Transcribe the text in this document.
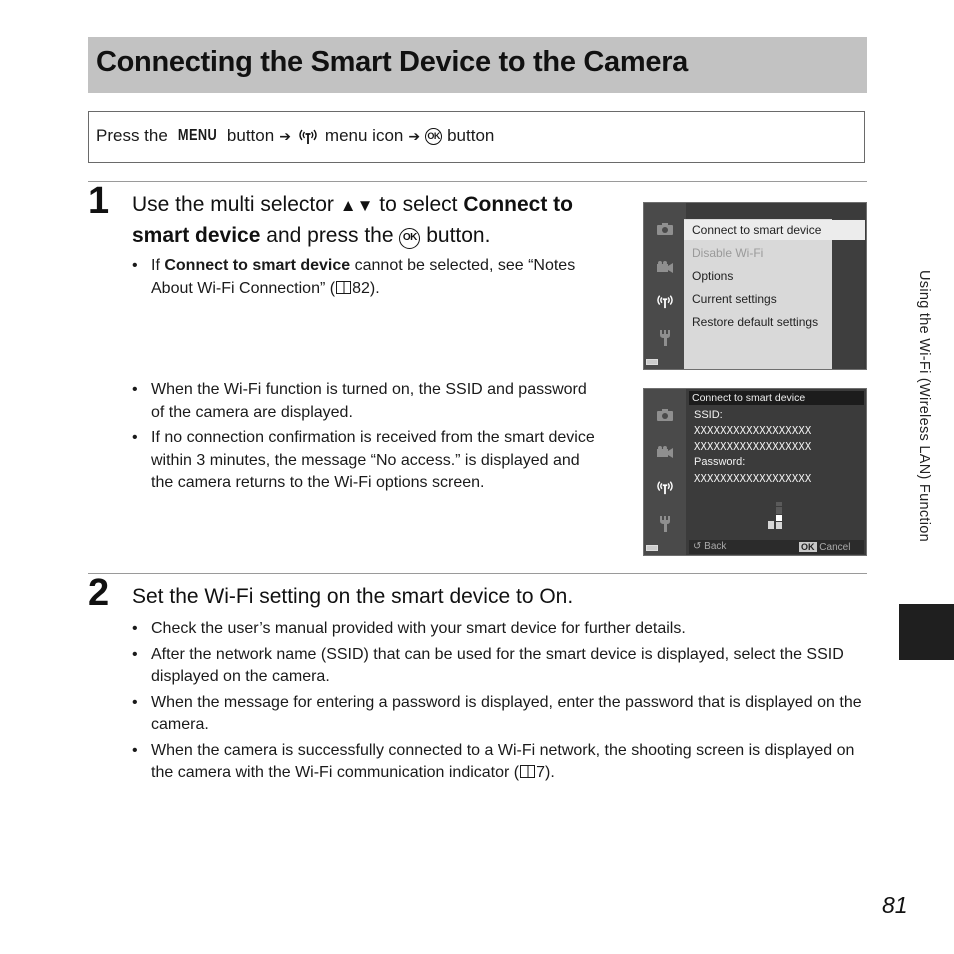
Connecting the Smart Device to the Camera
Press the MENU button ➔ menu icon ➔ OK button
1 Use the multi selector ▲▼ to select Connect to smart device and press the OK button.
• If Connect to smart device cannot be selected, see “Notes About Wi-Fi Connection” ( 82).
• When the Wi-Fi function is turned on, the SSID and password of the camera are displayed.
• If no connection confirmation is received from the smart device within 3 minutes, the message “No access.” is displayed and the camera returns to the Wi-Fi options screen.
Connect to smart device
Disable Wi-Fi
Options
Current settings
Restore default settings
Connect to smart device
SSID:
XXXXXXXXXXXXXXXXXX
XXXXXXXXXXXXXXXXXX
Password:
XXXXXXXXXXXXXXXXXX
↺ Back	OK Cancel
2 Set the Wi-Fi setting on the smart device to On.
• Check the user’s manual provided with your smart device for further details.
• After the network name (SSID) that can be used for the smart device is displayed, select the SSID displayed on the camera.
• When the message for entering a password is displayed, enter the password that is displayed on the camera.
• When the camera is successfully connected to a Wi-Fi network, the shooting screen is displayed on the camera with the Wi-Fi communication indicator ( 7).
Using the Wi-Fi (Wireless LAN) Function
81
